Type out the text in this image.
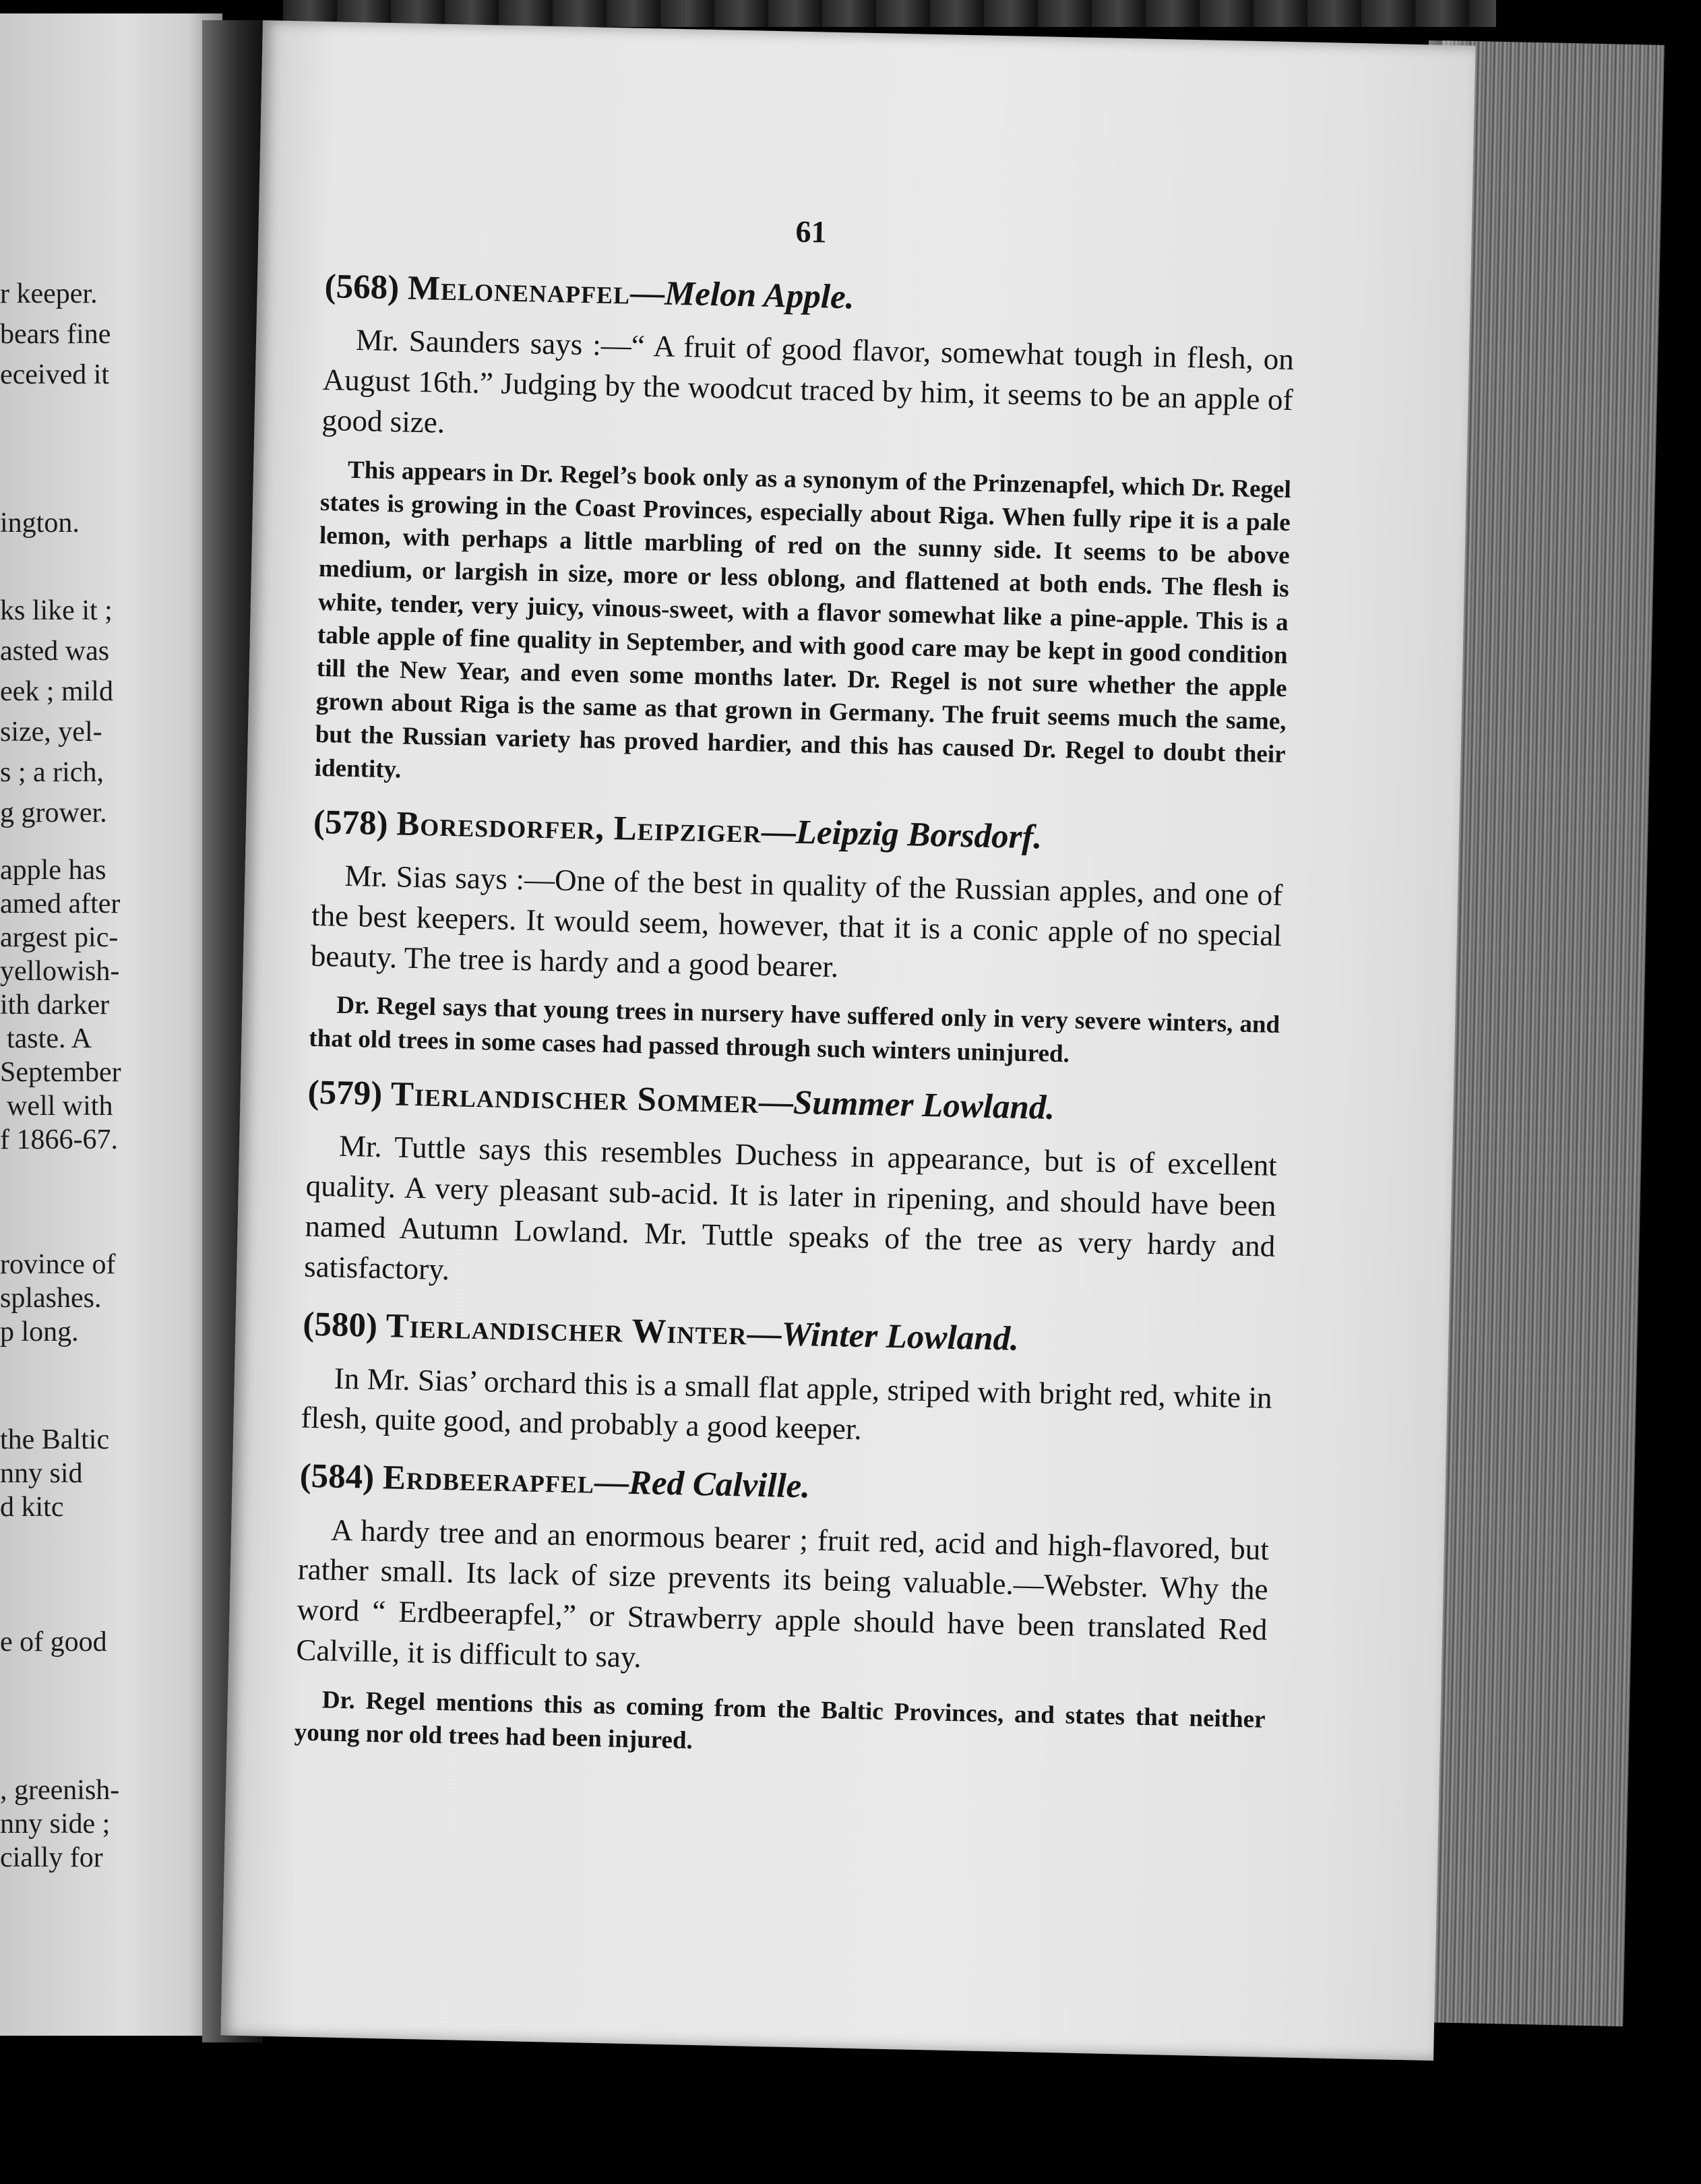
r keeper.
bears fine
eceived it
ington.
ks like it ;
asted was
eek ; mild
size, yel-
s ; a rich,
g grower.
apple has
amed after
argest pic-
yellowish-
ith darker
taste. A
September
well with
f 1866-67.
rovince of
splashes.
p long.
the Baltic
nny sid
d kitc
e of good
, greenish-
nny side ;
cially for
61
(568) Melonenapfel—Melon Apple.

Mr. Saunders says :—“ A fruit of good flavor, somewhat tough in flesh, on August 16th.” Judging by the woodcut traced by him, it seems to be an apple of good size.

This appears in Dr. Regel’s book only as a synonym of the Prinzenapfel, which Dr. Regel states is growing in the Coast Provinces, especially about Riga. When fully ripe it is a pale lemon, with perhaps a little marbling of red on the sunny side. It seems to be above medium, or largish in size, more or less oblong, and flattened at both ends. The flesh is white, tender, very juicy, vinous-sweet, with a flavor somewhat like a pine-apple. This is a table apple of fine quality in September, and with good care may be kept in good condition till the New Year, and even some months later. Dr. Regel is not sure whether the apple grown about Riga is the same as that grown in Germany. The fruit seems much the same, but the Russian variety has proved hardier, and this has caused Dr. Regel to doubt their identity.

(578) Boresdorfer, Leipziger—Leipzig Borsdorf.

Mr. Sias says :—One of the best in quality of the Russian apples, and one of the best keepers. It would seem, however, that it is a conic apple of no special beauty. The tree is hardy and a good bearer.

Dr. Regel says that young trees in nursery have suffered only in very severe winters, and that old trees in some cases had passed through such winters uninjured.

(579) Tierlandischer Sommer—Summer Lowland.

Mr. Tuttle says this resembles Duchess in appearance, but is of excellent quality. A very pleasant sub-acid. It is later in ripening, and should have been named Autumn Lowland. Mr. Tuttle speaks of the tree as very hardy and satisfactory.

(580) Tierlandischer Winter—Winter Lowland.

In Mr. Sias’ orchard this is a small flat apple, striped with bright red, white in flesh, quite good, and probably a good keeper.

(584) Erdbeerapfel—Red Calville.

A hardy tree and an enormous bearer ; fruit red, acid and high-flavored, but rather small. Its lack of size prevents its being valuable.—Webster. Why the word “ Erdbeerapfel,” or Strawberry apple should have been translated Red Calville, it is difficult to say.

Dr. Regel mentions this as coming from the Baltic Provinces, and states that neither young nor old trees had been injured.
